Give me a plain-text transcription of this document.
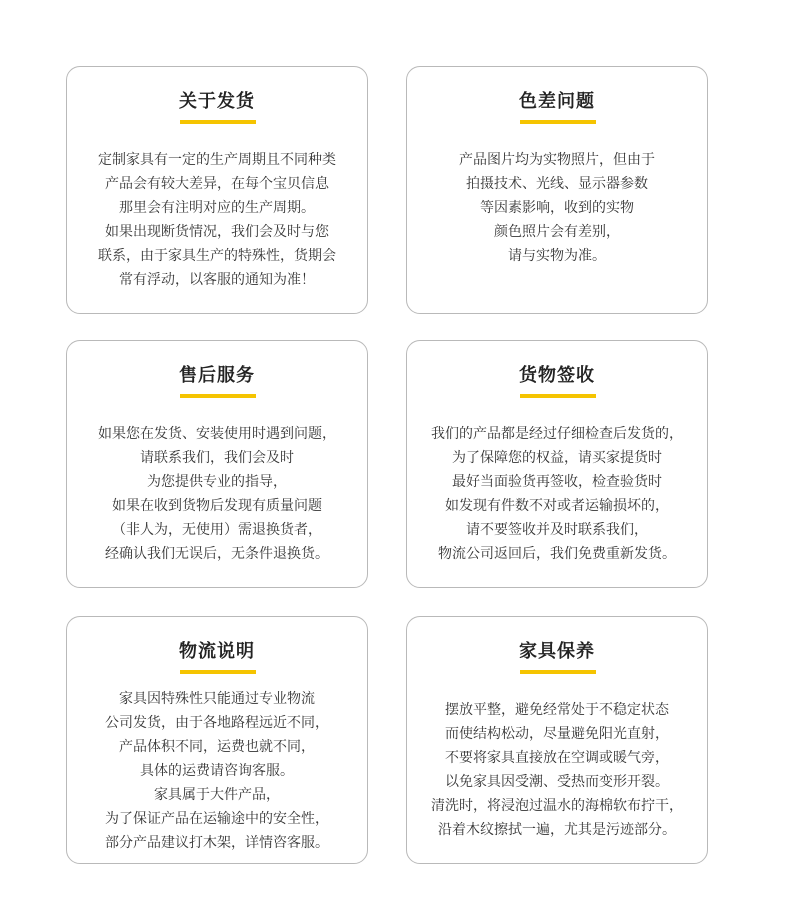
关于发货
定制家具有一定的生产周期且不同种类
产品会有较大差异，在每个宝贝信息
那里会有注明对应的生产周期。
如果出现断货情况，我们会及时与您
联系，由于家具生产的特殊性，货期会
常有浮动，以客服的通知为准！
色差问题
产品图片均为实物照片，但由于
拍摄技术、光线、显示器参数
等因素影响，收到的实物
颜色照片会有差别，
请与实物为准。
售后服务
如果您在发货、安装使用时遇到问题，
请联系我们，我们会及时
为您提供专业的指导，
如果在收到货物后发现有质量问题
（非人为，无使用）需退换货者，
经确认我们无误后，无条件退换货。
货物签收
我们的产品都是经过仔细检查后发货的，
为了保障您的权益，请买家提货时
最好当面验货再签收，检查验货时
如发现有件数不对或者运输损坏的，
请不要签收并及时联系我们，
物流公司返回后，我们免费重新发货。
物流说明
家具因特殊性只能通过专业物流
公司发货，由于各地路程远近不同，
产品体积不同，运费也就不同，
具体的运费请咨询客服。
家具属于大件产品，
为了保证产品在运输途中的安全性，
部分产品建议打木架，详情咨客服。
家具保养
摆放平整，避免经常处于不稳定状态
而使结构松动，尽量避免阳光直射，
不要将家具直接放在空调或暖气旁，
以免家具因受潮、受热而变形开裂。
清洗时，将浸泡过温水的海棉软布拧干，
沿着木纹擦拭一遍，尤其是污迹部分。
